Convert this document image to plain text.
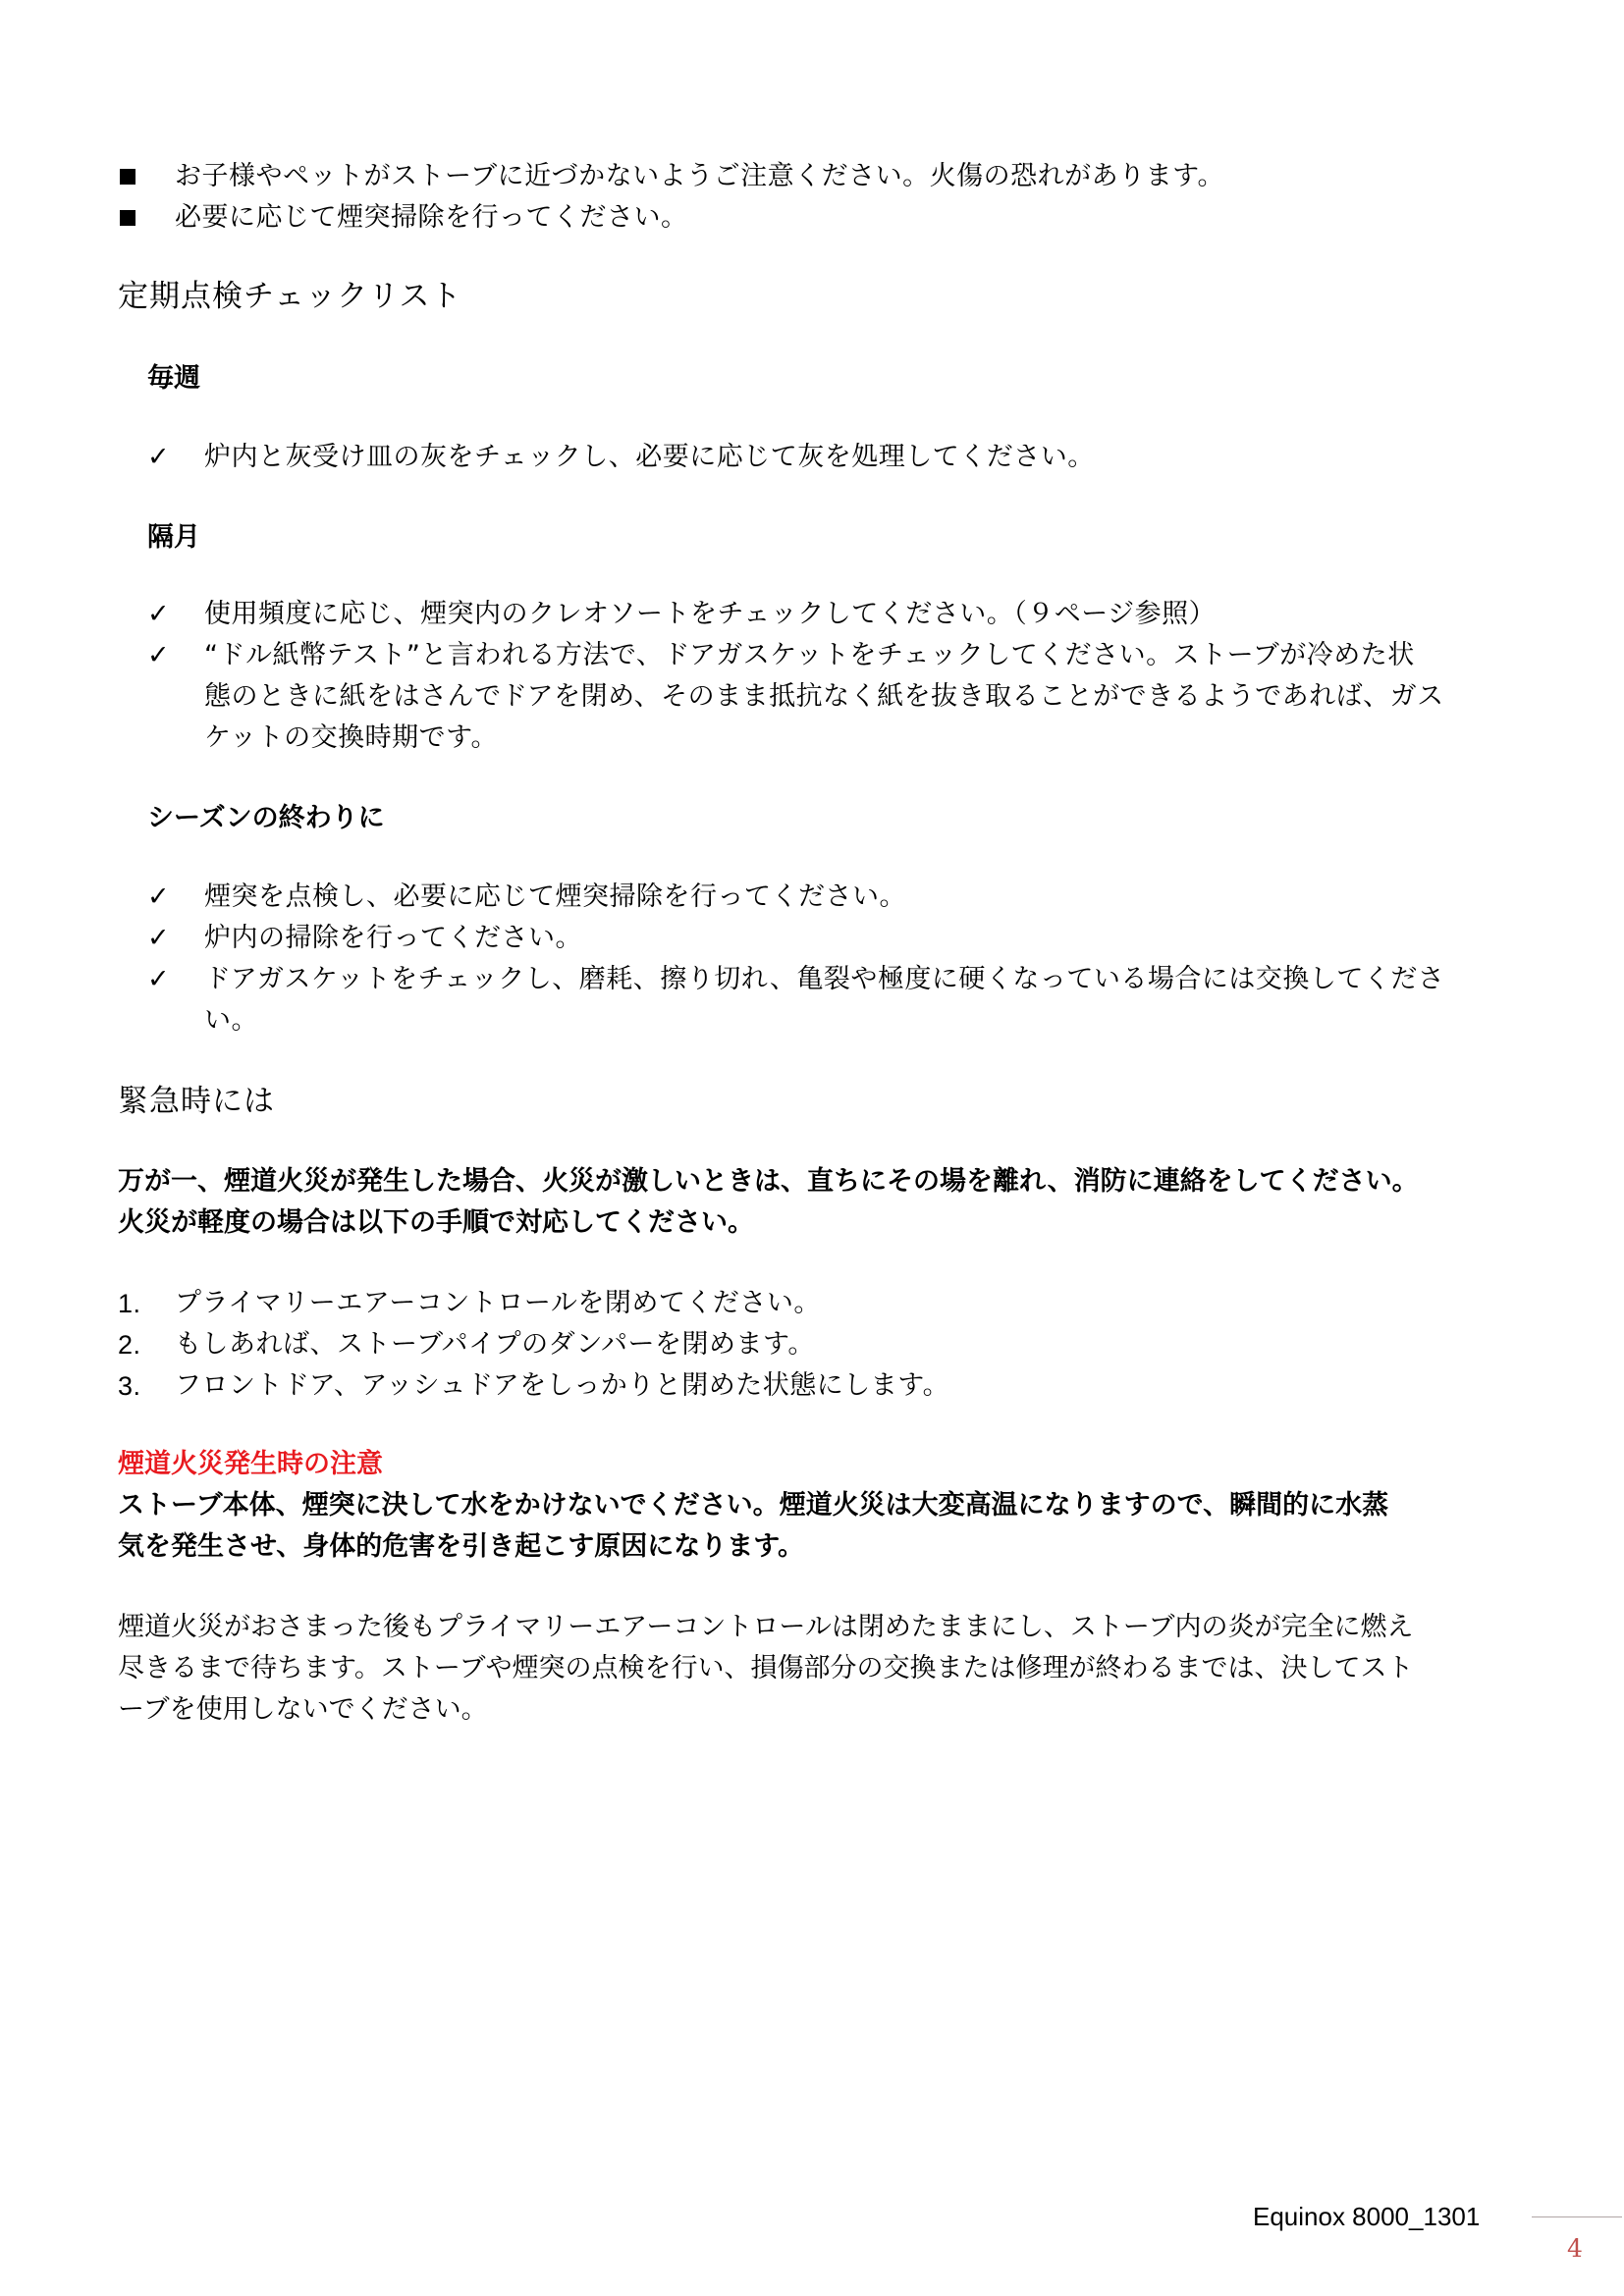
お子様やペットがストーブに近づかないようご注意ください。火傷の恐れがあります。
必要に応じて煙突掃除を行ってください。
定期点検チェックリスト
毎週
✓ 炉内と灰受け皿の灰をチェックし、必要に応じて灰を処理してください。
隔月
✓ 使用頻度に応じ、煙突内のクレオソートをチェックしてください。（９ページ参照）
✓ “ドル紙幣テスト”と言われる方法で、ドアガスケットをチェックしてください。ストーブが冷めた状
態のときに紙をはさんでドアを閉め、そのまま抵抗なく紙を抜き取ることができるようであれば、ガス
ケットの交換時期です。
シーズンの終わりに
✓ 煙突を点検し、必要に応じて煙突掃除を行ってください。
✓ 炉内の掃除を行ってください。
✓ ドアガスケットをチェックし、磨耗、擦り切れ、亀裂や極度に硬くなっている場合には交換してくださ
い。
緊急時には
万が一、煙道火災が発生した場合、火災が激しいときは、直ちにその場を離れ、消防に連絡をしてください。
火災が軽度の場合は以下の手順で対応してください。
1. プライマリーエアーコントロールを閉めてください。
2. もしあれば、ストーブパイプのダンパーを閉めます。
3. フロントドア、アッシュドアをしっかりと閉めた状態にします。
煙道火災発生時の注意
ストーブ本体、煙突に決して水をかけないでください。煙道火災は大変高温になりますので、瞬間的に水蒸
気を発生させ、身体的危害を引き起こす原因になります。
煙道火災がおさまった後もプライマリーエアーコントロールは閉めたままにし、ストーブ内の炎が完全に燃え
尽きるまで待ちます。ストーブや煙突の点検を行い、損傷部分の交換または修理が終わるまでは、決してスト
ーブを使用しないでください。
Equinox 8000_1301
4
